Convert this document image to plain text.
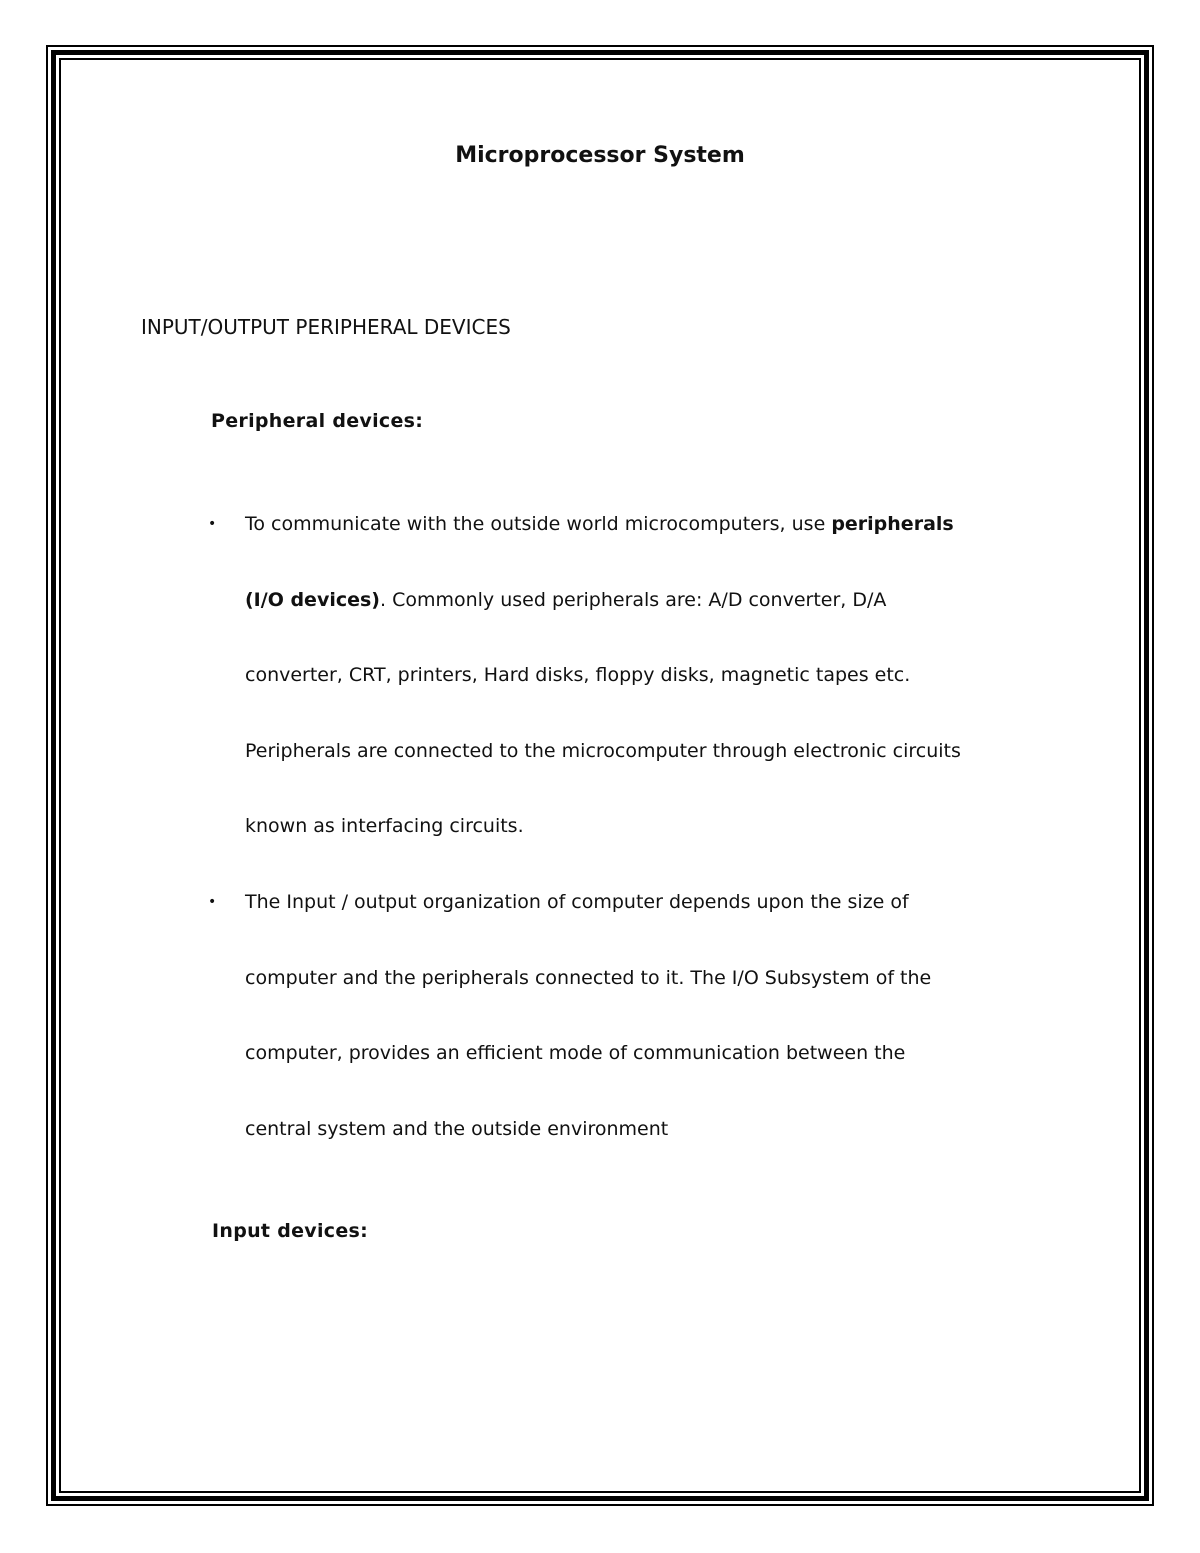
Microprocessor System
INPUT/OUTPUT PERIPHERAL DEVICES
Peripheral devices:
• To communicate with the outside world microcomputers, use peripherals
(I/O devices). Commonly used peripherals are: A/D converter, D/A
converter, CRT, printers, Hard disks, floppy disks, magnetic tapes etc.
Peripherals are connected to the microcomputer through electronic circuits
known as interfacing circuits.
• The Input / output organization of computer depends upon the size of
computer and the peripherals connected to it. The I/O Subsystem of the
computer, provides an efficient mode of communication between the
central system and the outside environment
Input devices:
